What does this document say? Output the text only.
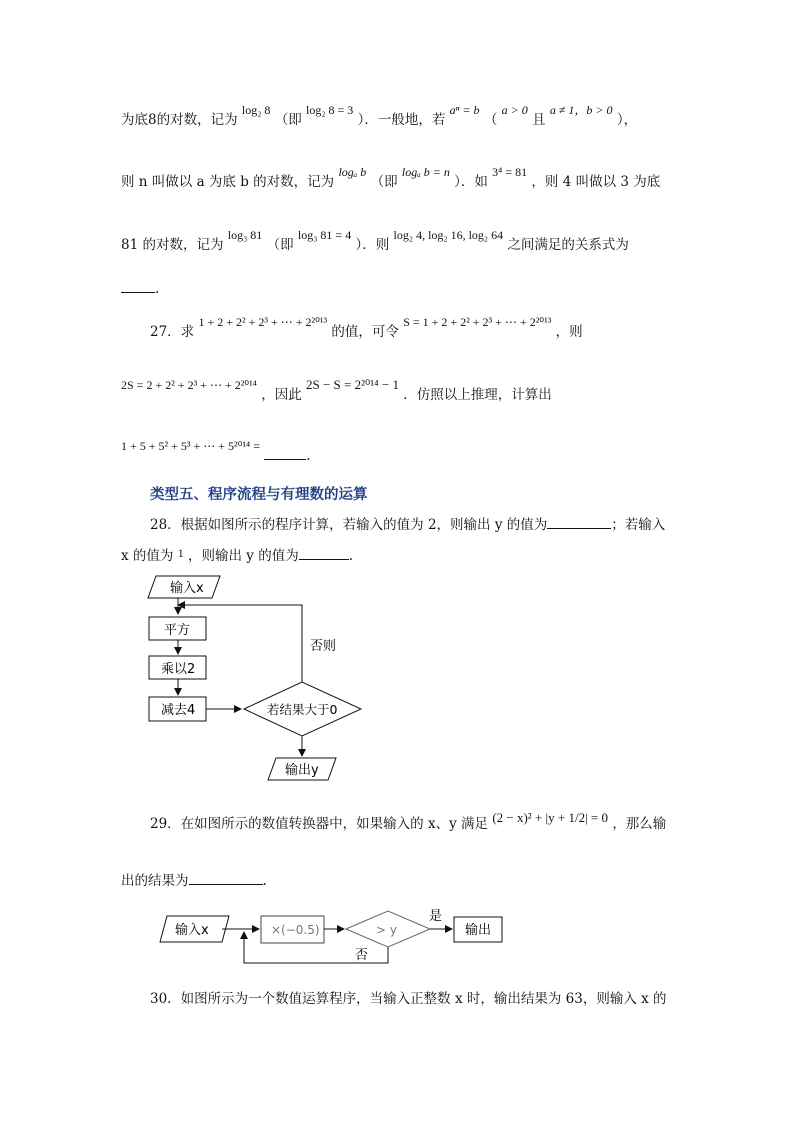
为底8的对数，记为 log₂ 8 （即 log₂ 8 = 3 ）．一般地，若 aⁿ = b （ a > 0 且 a ≠ 1，b > 0 ），
则 n 叫做以 a 为底 b 的对数，记为 logₐ b （即 logₐ b = n ）．如 3⁴ = 81 ，则 4 叫做以 3 为底
81 的对数，记为 log₃ 81 （即 log₃ 81 = 4 ）．则 log₂ 4, log₂ 16, log₂ 64 之间满足的关系式为
.
27．求 1 + 2 + 2² + 2³ + ⋯ + 2²⁰¹³ 的值，可令 S = 1 + 2 + 2² + 2³ + ⋯ + 2²⁰¹³ ，则
2S = 2 + 2² + 2³ + ⋯ + 2²⁰¹⁴ ，因此 2S − S = 2²⁰¹⁴ − 1 ．仿照以上推理，计算出
1 + 5 + 5² + 5³ + ⋯ + 5²⁰¹⁴ = .
类型五、程序流程与有理数的运算
28．根据如图所示的程序计算，若输入的值为 2，则输出 y 的值为	；若输入
x 的值为 1 ，则输出 y 的值为	.
输入x
平方
乘以2
减去4	若结果大于0
否则
输出y
29．在如图所示的数值转换器中，如果输入的 x、y 满足 (2 − x)² + |y + 1/2| = 0 ，那么输
出的结果为	.
输入x	×(−0.5)	> y
是
否
输出
30．如图所示为一个数值运算程序，当输入正整数 x 时，输出结果为 63，则输入 x 的
